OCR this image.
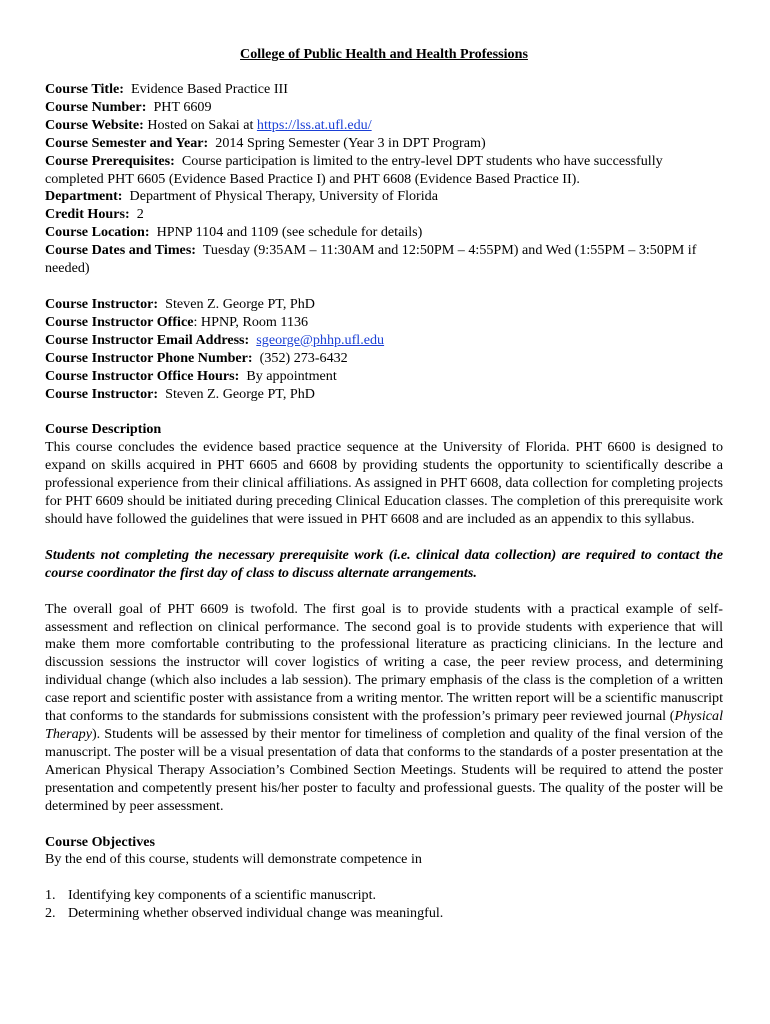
College of Public Health and Health Professions
Course Title: Evidence Based Practice III
Course Number: PHT 6609
Course Website: Hosted on Sakai at https://lss.at.ufl.edu/
Course Semester and Year: 2014 Spring Semester (Year 3 in DPT Program)
Course Prerequisites: Course participation is limited to the entry-level DPT students who have successfully completed PHT 6605 (Evidence Based Practice I) and PHT 6608 (Evidence Based Practice II).
Department: Department of Physical Therapy, University of Florida
Credit Hours: 2
Course Location: HPNP 1104 and 1109 (see schedule for details)
Course Dates and Times: Tuesday (9:35AM – 11:30AM and 12:50PM – 4:55PM) and Wed (1:55PM – 3:50PM if needed)
Course Instructor: Steven Z. George PT, PhD
Course Instructor Office: HPNP, Room 1136
Course Instructor Email Address: sgeorge@phhp.ufl.edu
Course Instructor Phone Number: (352) 273-6432
Course Instructor Office Hours: By appointment
Course Instructor: Steven Z. George PT, PhD
Course Description
This course concludes the evidence based practice sequence at the University of Florida. PHT 6600 is designed to expand on skills acquired in PHT 6605 and 6608 by providing students the opportunity to scientifically describe a professional experience from their clinical affiliations. As assigned in PHT 6608, data collection for completing projects for PHT 6609 should be initiated during preceding Clinical Education classes. The completion of this prerequisite work should have followed the guidelines that were issued in PHT 6608 and are included as an appendix to this syllabus.
Students not completing the necessary prerequisite work (i.e. clinical data collection) are required to contact the course coordinator the first day of class to discuss alternate arrangements.
The overall goal of PHT 6609 is twofold. The first goal is to provide students with a practical example of self-assessment and reflection on clinical performance. The second goal is to provide students with experience that will make them more comfortable contributing to the professional literature as practicing clinicians. In the lecture and discussion sessions the instructor will cover logistics of writing a case, the peer review process, and determining individual change (which also includes a lab session). The primary emphasis of the class is the completion of a written case report and scientific poster with assistance from a writing mentor. The written report will be a scientific manuscript that conforms to the standards for submissions consistent with the profession’s primary peer reviewed journal (Physical Therapy). Students will be assessed by their mentor for timeliness of completion and quality of the final version of the manuscript. The poster will be a visual presentation of data that conforms to the standards of a poster presentation at the American Physical Therapy Association’s Combined Section Meetings. Students will be required to attend the poster presentation and competently present his/her poster to faculty and professional guests. The quality of the poster will be determined by peer assessment.
Course Objectives
By the end of this course, students will demonstrate competence in
1. Identifying key components of a scientific manuscript.
2. Determining whether observed individual change was meaningful.
